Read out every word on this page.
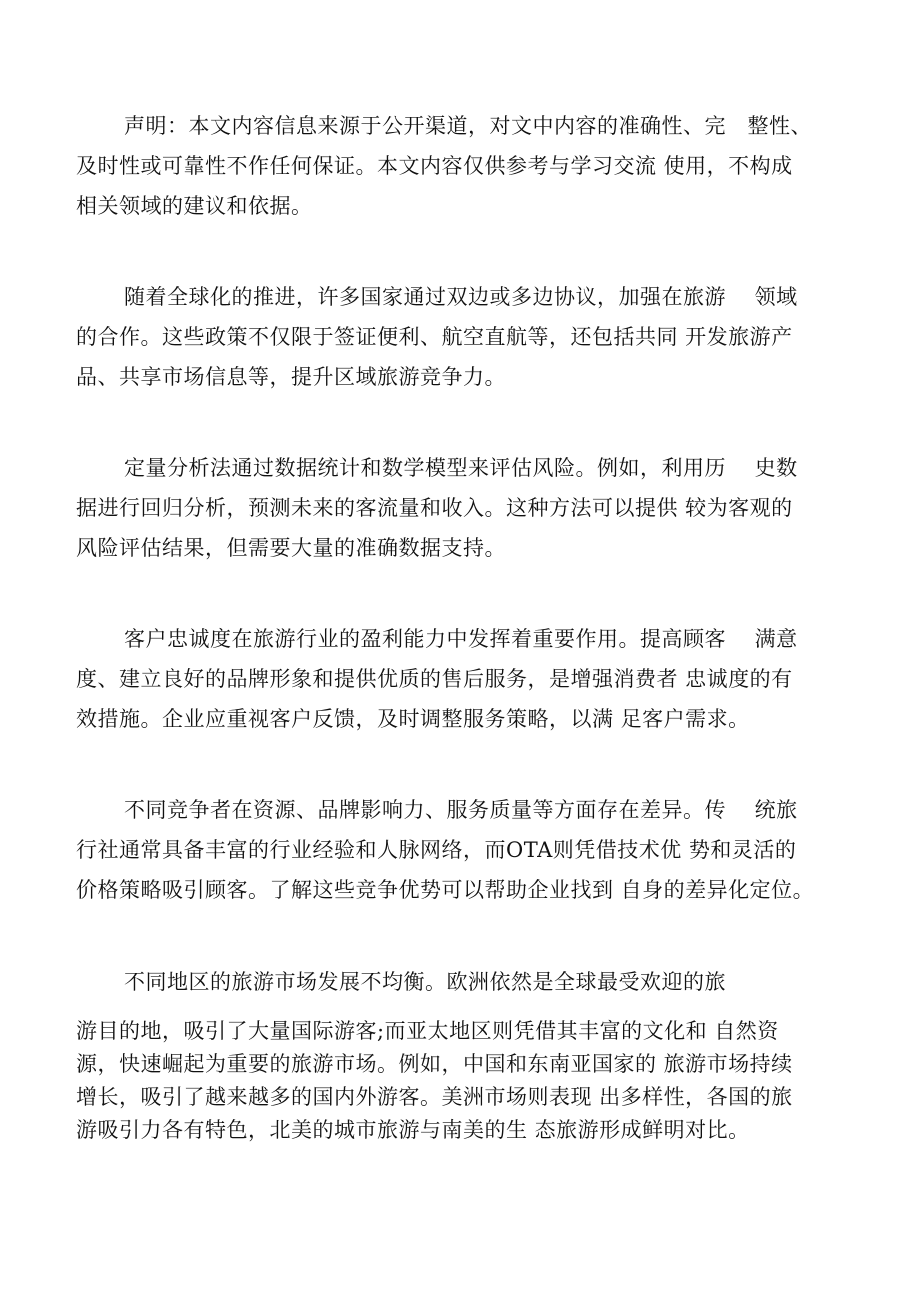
声明：本文内容信息来源于公开渠道，对文中内容的准确性、完　整性、
及时性或可靠性不作任何保证。本文内容仅供参考与学习交流 使用，不构成
相关领域的建议和依据。

随着全球化的推进，许多国家通过双边或多边协议，加强在旅游　 领域
的合作。这些政策不仅限于签证便利、航空直航等，还包括共同 开发旅游产
品、共享市场信息等，提升区域旅游竞争力。

定量分析法通过数据统计和数学模型来评估风险。例如，利用历　 史数
据进行回归分析，预测未来的客流量和收入。这种方法可以提供 较为客观的
风险评估结果，但需要大量的准确数据支持。

客户忠诚度在旅游行业的盈利能力中发挥着重要作用。提高顾客　 满意
度、建立良好的品牌形象和提供优质的售后服务，是增强消费者 忠诚度的有
效措施。企业应重视客户反馈，及时调整服务策略，以满 足客户需求。

不同竞争者在资源、品牌影响力、服务质量等方面存在差异。传　 统旅
行社通常具备丰富的行业经验和人脉网络，而OTA则凭借技术优 势和灵活的
价格策略吸引顾客。了解这些竞争优势可以帮助企业找到 自身的差异化定位。

不同地区的旅游市场发展不均衡。欧洲依然是全球最受欢迎的旅

游目的地，吸引了大量国际游客;而亚太地区则凭借其丰富的文化和 自然资
源，快速崛起为重要的旅游市场。例如，中国和东南亚国家的 旅游市场持续
增长，吸引了越来越多的国内外游客。美洲市场则表现 出多样性，各国的旅
游吸引力各有特色，北美的城市旅游与南美的生 态旅游形成鲜明对比。
